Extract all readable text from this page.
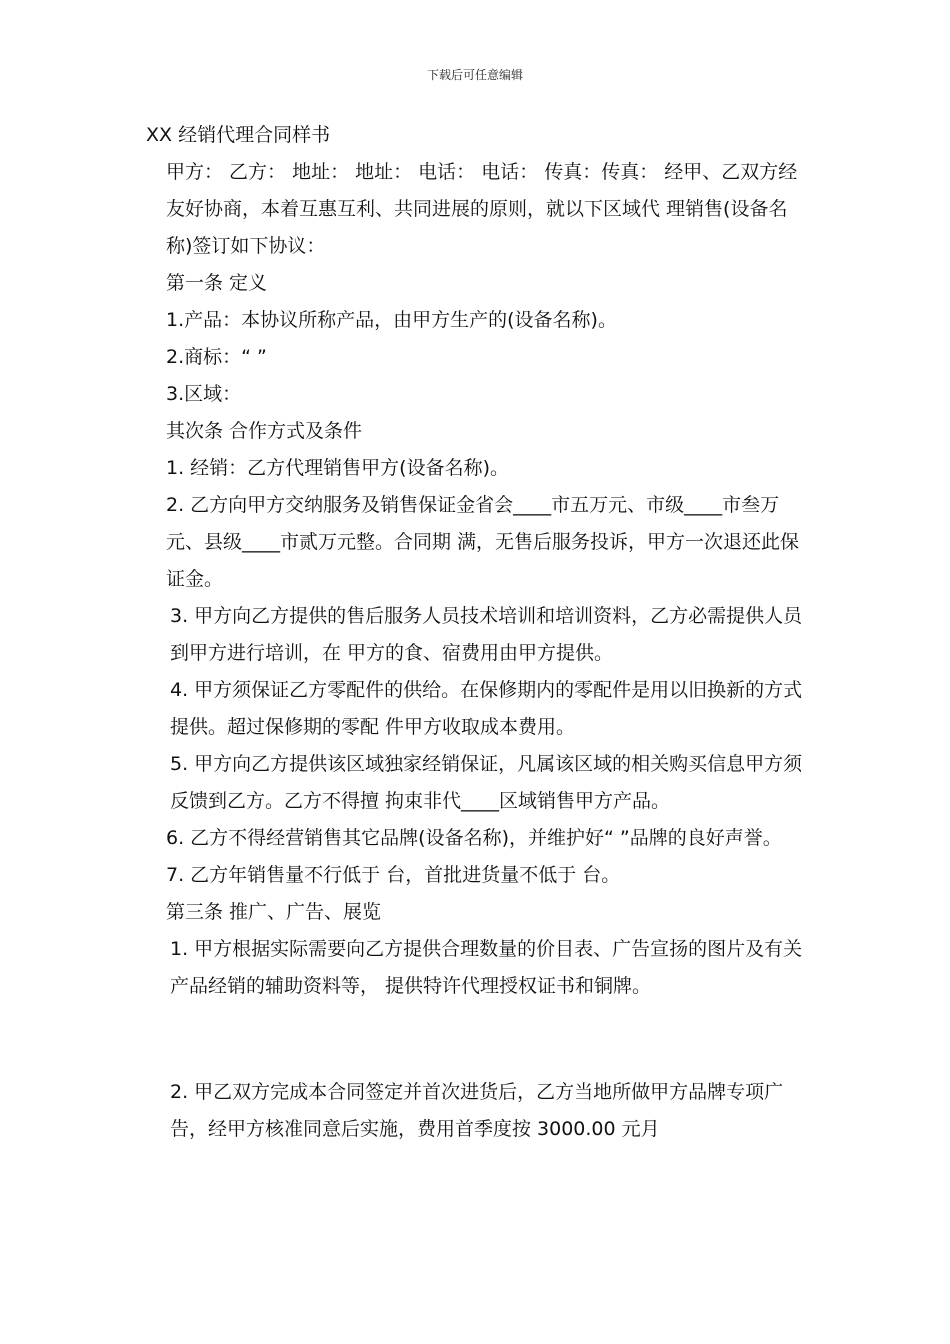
下载后可任意编辑
XX 经销代理合同样书

甲方： 乙方： 地址： 地址： 电话： 电话： 传真：传真： 经甲、乙双方经友好协商，本着互惠互利、共同进展的原则，就以下区域代 理销售(设备名称)签订如下协议：

第一条 定义

1.产品：本协议所称产品，由甲方生产的(设备名称)。

2.商标：“ ”

3.区域：

其次条 合作方式及条件

1. 经销：乙方代理销售甲方(设备名称)。

2. 乙方向甲方交纳服务及销售保证金省会____市五万元、市级____市叁万元、县级____市贰万元整。合同期 满，无售后服务投诉，甲方一次退还此保证金。

3. 甲方向乙方提供的售后服务人员技术培训和培训资料，乙方必需提供人员到甲方进行培训，在 甲方的食、宿费用由甲方提供。

4. 甲方须保证乙方零配件的供给。在保修期内的零配件是用以旧换新的方式提供。超过保修期的零配 件甲方收取成本费用。

5. 甲方向乙方提供该区域独家经销保证，凡属该区域的相关购买信息甲方须反馈到乙方。乙方不得擅 拘束非代____区域销售甲方产品。

6. 乙方不得经营销售其它品牌(设备名称)，并维护好“ ”品牌的良好声誉。

7. 乙方年销售量不行低于 台，首批进货量不低于 台。

第三条 推广、广告、展览

1. 甲方根据实际需要向乙方提供合理数量的价目表、广告宣扬的图片及有关产品经销的辅助资料等， 提供特许代理授权证书和铜牌。

2. 甲乙双方完成本合同签定并首次进货后，乙方当地所做甲方品牌专项广告，经甲方核准同意后实施，费用首季度按 3000.00 元月
